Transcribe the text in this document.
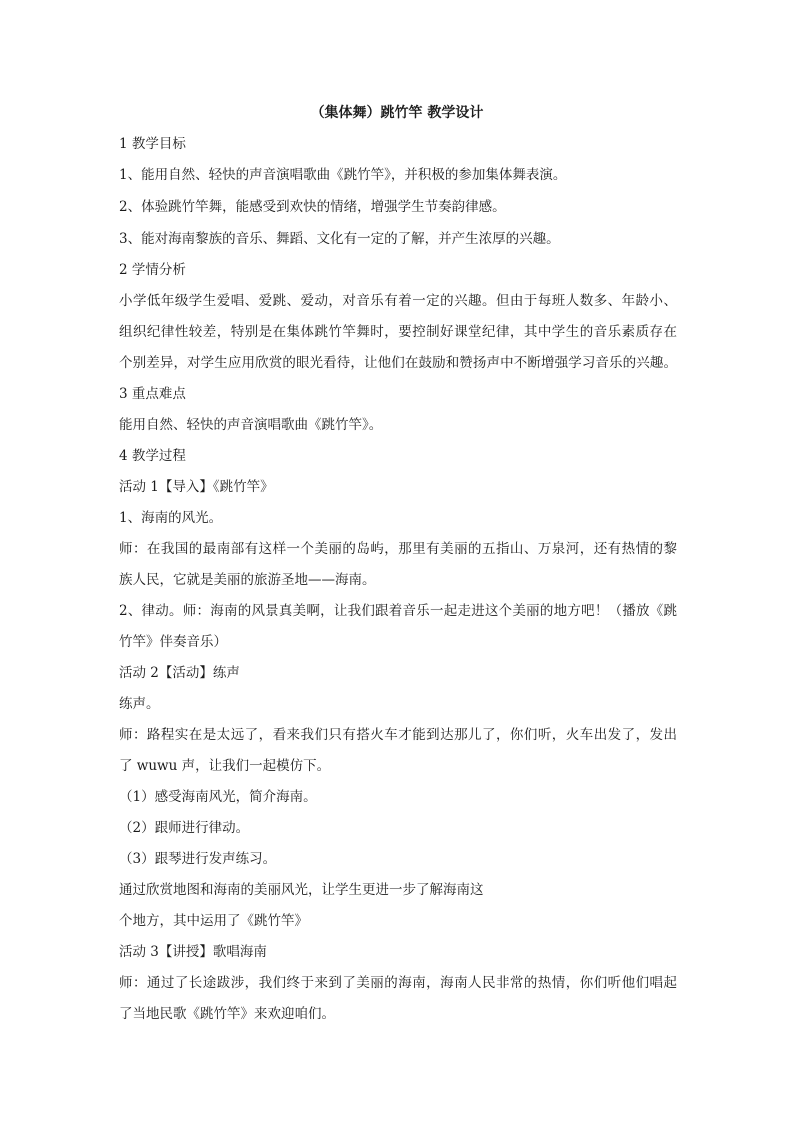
（集体舞）跳竹竿 教学设计
1 教学目标
1、能用自然、轻快的声音演唱歌曲《跳竹竿》，并积极的参加集体舞表演。
2、体验跳竹竿舞，能感受到欢快的情绪，增强学生节奏韵律感。
3、能对海南黎族的音乐、舞蹈、文化有一定的了解，并产生浓厚的兴趣。
2 学情分析
小学低年级学生爱唱、爱跳、爱动，对音乐有着一定的兴趣。但由于每班人数多、年龄小、
组织纪律性较差，特别是在集体跳竹竿舞时，要控制好课堂纪律，其中学生的音乐素质存在
个别差异，对学生应用欣赏的眼光看待，让他们在鼓励和赞扬声中不断增强学习音乐的兴趣。
3 重点难点
能用自然、轻快的声音演唱歌曲《跳竹竿》。
4 教学过程
活动 1【导入】《跳竹竿》
1、海南的风光。
师：在我国的最南部有这样一个美丽的岛屿，那里有美丽的五指山、万泉河，还有热情的黎
族人民，它就是美丽的旅游圣地——海南。
2、律动。师：海南的风景真美啊，让我们跟着音乐一起走进这个美丽的地方吧！（播放《跳
竹竿》伴奏音乐）
活动 2【活动】练声
练声。
师：路程实在是太远了，看来我们只有搭火车才能到达那儿了，你们听，火车出发了，发出
了 wuwu 声，让我们一起模仿下。
（1）感受海南风光，简介海南。
（2）跟师进行律动。
（3）跟琴进行发声练习。
通过欣赏地图和海南的美丽风光，让学生更进一步了解海南这
个地方，其中运用了《跳竹竿》
活动 3【讲授】歌唱海南
师：通过了长途跋涉，我们终于来到了美丽的海南，海南人民非常的热情，你们听他们唱起
了当地民歌《跳竹竿》来欢迎咱们。
